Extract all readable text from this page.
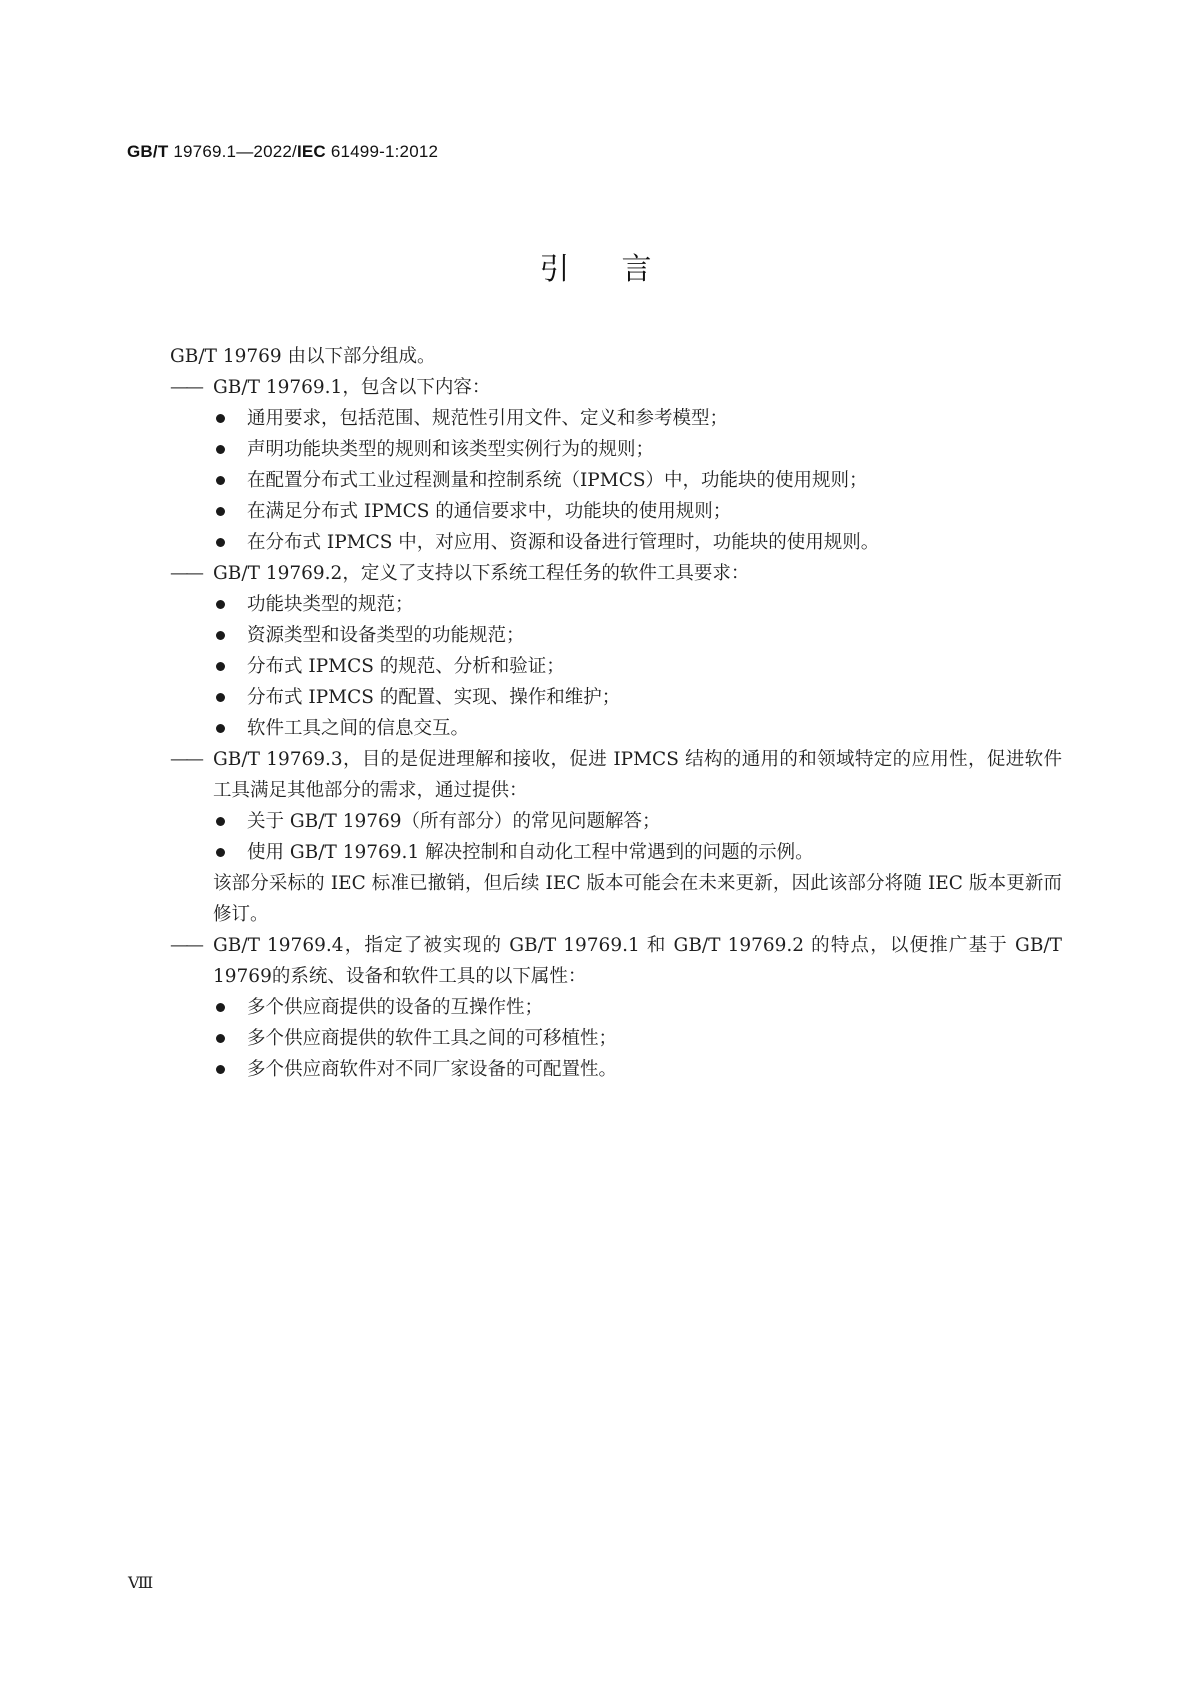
GB/T 19769.1—2022/IEC 61499-1:2012
引言
GB/T 19769 由以下部分组成。
—— GB/T 19769.1，包含以下内容：
通用要求，包括范围、规范性引用文件、定义和参考模型；
声明功能块类型的规则和该类型实例行为的规则；
在配置分布式工业过程测量和控制系统（IPMCS）中，功能块的使用规则；
在满足分布式 IPMCS 的通信要求中，功能块的使用规则；
在分布式 IPMCS 中，对应用、资源和设备进行管理时，功能块的使用规则。
—— GB/T 19769.2，定义了支持以下系统工程任务的软件工具要求：
功能块类型的规范；
资源类型和设备类型的功能规范；
分布式 IPMCS 的规范、分析和验证；
分布式 IPMCS 的配置、实现、操作和维护；
软件工具之间的信息交互。
—— GB/T 19769.3，目的是促进理解和接收，促进 IPMCS 结构的通用的和领域特定的应用性，促进软件工具满足其他部分的需求，通过提供：
关于 GB/T 19769（所有部分）的常见问题解答；
使用 GB/T 19769.1 解决控制和自动化工程中常遇到的问题的示例。
该部分采标的 IEC 标准已撤销，但后续 IEC 版本可能会在未来更新，因此该部分将随 IEC 版本更新而修订。
—— GB/T 19769.4，指定了被实现的 GB/T 19769.1 和 GB/T 19769.2 的特点，以便推广基于 GB/T 19769的系统、设备和软件工具的以下属性：
多个供应商提供的设备的互操作性；
多个供应商提供的软件工具之间的可移植性；
多个供应商软件对不同厂家设备的可配置性。
Ⅷ
